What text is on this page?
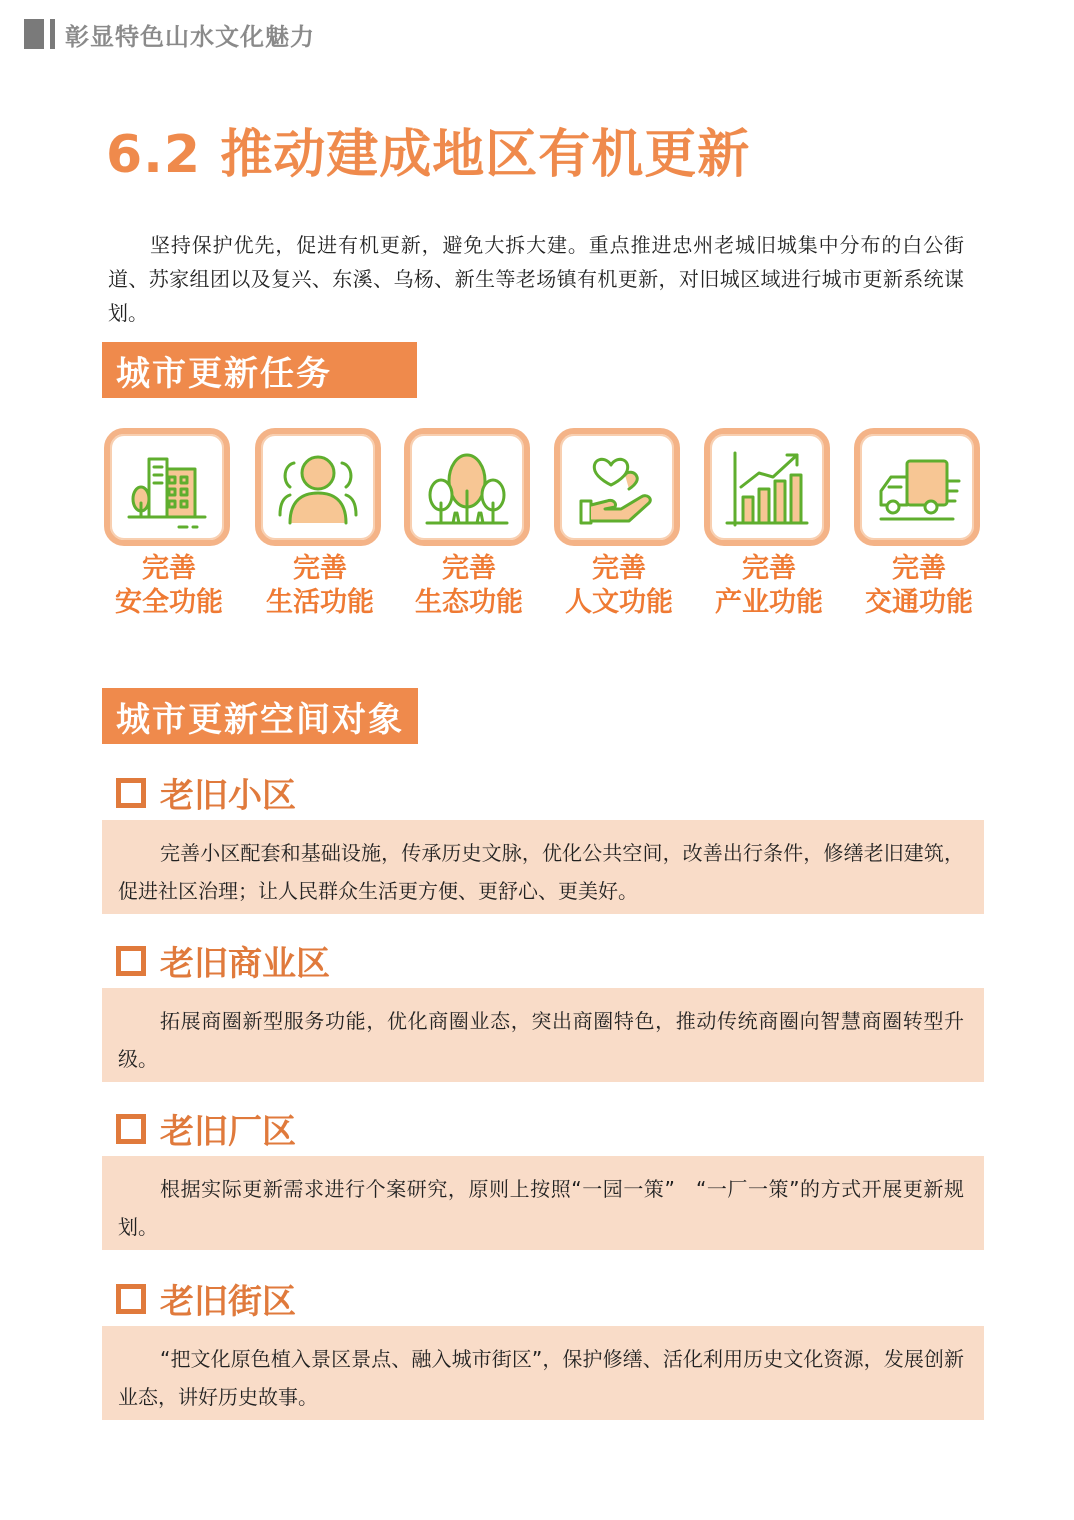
彰显特色山水文化魅力
6.2 推动建成地区有机更新
坚持保护优先，促进有机更新，避免大拆大建。重点推进忠州老城旧城集中分布的白公街道、苏家组团以及复兴、东溪、乌杨、新生等老场镇有机更新，对旧城区域进行城市更新系统谋划。
城市更新任务
完善
安全功能
完善
生活功能
完善
生态功能
完善
人文功能
完善
产业功能
完善
交通功能
城市更新空间对象
老旧小区
完善小区配套和基础设施，传承历史文脉，优化公共空间，改善出行条件，修缮老旧建筑，促进社区治理；让人民群众生活更方便、更舒心、更美好。
老旧商业区
拓展商圈新型服务功能，优化商圈业态，突出商圈特色，推动传统商圈向智慧商圈转型升级。
老旧厂区
根据实际更新需求进行个案研究，原则上按照“一园一策”　“一厂一策”的方式开展更新规划。
老旧街区
“把文化原色植入景区景点、融入城市街区”，保护修缮、活化利用历史文化资源，发展创新业态，讲好历史故事。
